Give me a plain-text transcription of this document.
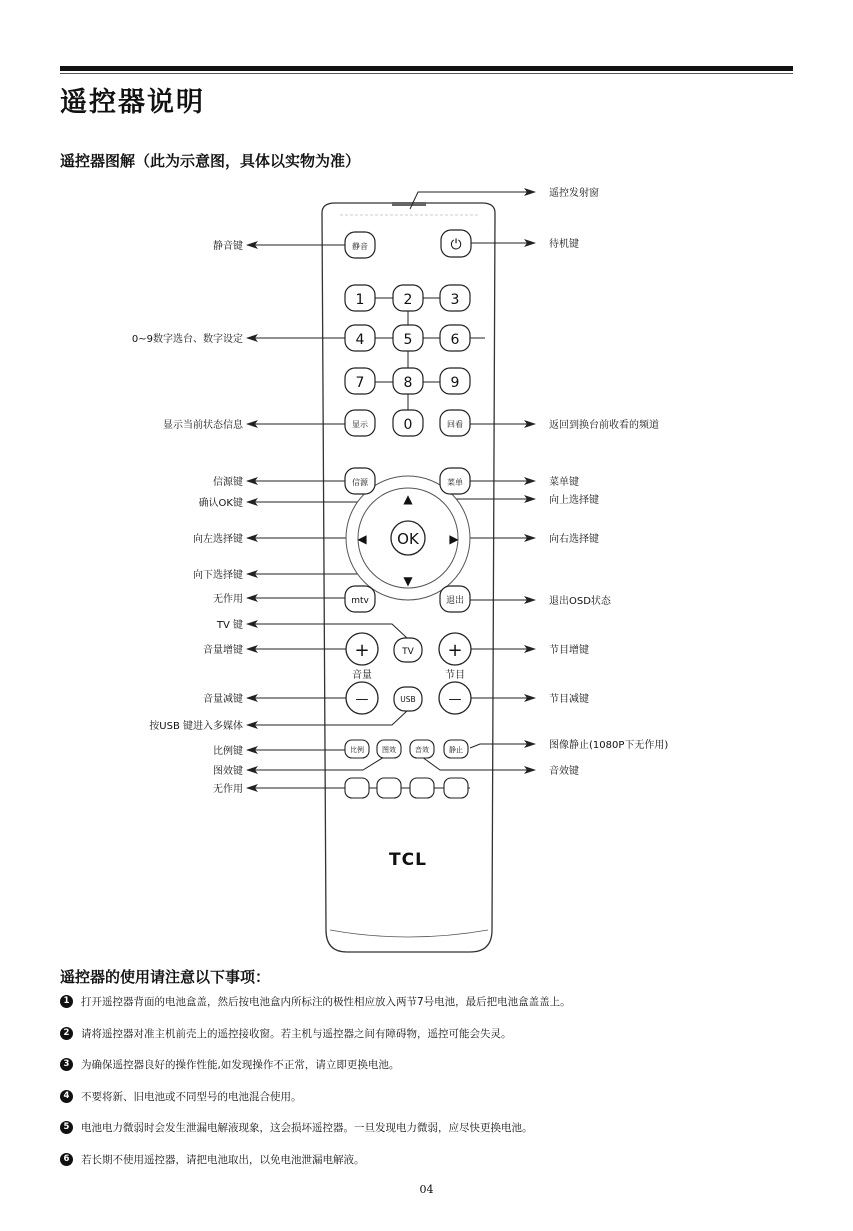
遥控器说明
遥控器图解（此为示意图，具体以实物为准）
静音	⏻
1	2	3
4	5	6
7	8	9
显示	0	回看
信源	菜单
▲
▼
◀	▶
OK
mtv	退出
+	TV +
音量	节目
—	USB	—
比例	图效	音效	静止
TCL
遥控发射窗
静音键	待机键
0~9数字选台、数字设定
显示当前状态信息	返回到换台前收看的频道
信源键	菜单键
确认OK键	向上选择键
向左选择键	向右选择键
向下选择键
无作用	退出OSD状态
TV 键
音量增键	节目增键
音量减键	节目减键
按USB 键进入多媒体
比例键
图像静止(1080P下无作用)
图效键	音效键
无作用
遥控器的使用请注意以下事项：
1	打开遥控器背面的电池盒盖，然后按电池盒内所标注的极性相应放入两节7号电池，最后把电池盒盖盖上。
2	请将遥控器对准主机前壳上的遥控接收窗。若主机与遥控器之间有障碍物，遥控可能会失灵。
3	为确保遥控器良好的操作性能,如发现操作不正常，请立即更换电池。
4	不要将新、旧电池或不同型号的电池混合使用。
5	电池电力微弱时会发生泄漏电解液现象，这会损坏遥控器。一旦发现电力微弱，应尽快更换电池。
6	若长期不使用遥控器，请把电池取出，以免电池泄漏电解液。
04
